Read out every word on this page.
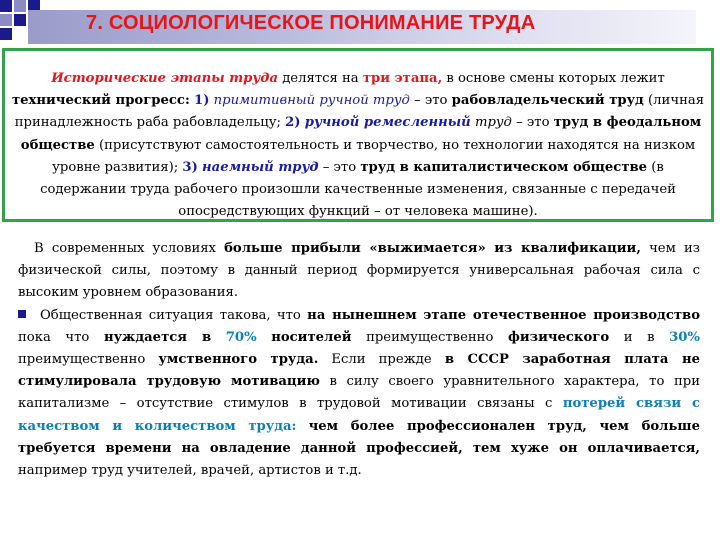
7. СОЦИОЛОГИЧЕСКОЕ ПОНИМАНИЕ ТРУДА

Исторические этапы труда делятся на три этапа, в основе смены которых лежит технический прогресс: 1) примитивный ручной труд – это рабовладельческий труд (личная принадлежность раба рабовладельцу; 2) ручной ремесленный труд – это труд в феодальном обществе (присутствуют самостоятельность и творчество, но технологии находятся на низком уровне развития); 3) наемный труд – это труд в капиталистическом обществе (в содержании труда рабочего произошли качественные изменения, связанные с передачей опосредствующих функций – от человека машине).

В современных условиях больше прибыли «выжимается» из квалификации, чем из физической силы, поэтому в данный период формируется универсальная рабочая сила с высоким уровнем образования.

Общественная ситуация такова, что на нынешнем этапе отечественное производство пока что нуждается в 70% носителей преимущественно физического и в 30% преимущественно умственного труда. Если прежде в СССР заработная плата не стимулировала трудовую мотивацию в силу своего уравнительного характера, то при капитализме – отсутствие стимулов в трудовой мотивации связаны с потерей связи с качеством и количеством труда: чем более профессионален труд, чем больше требуется времени на овладение данной профессией, тем хуже он оплачивается, например труд учителей, врачей, артистов и т.д.
